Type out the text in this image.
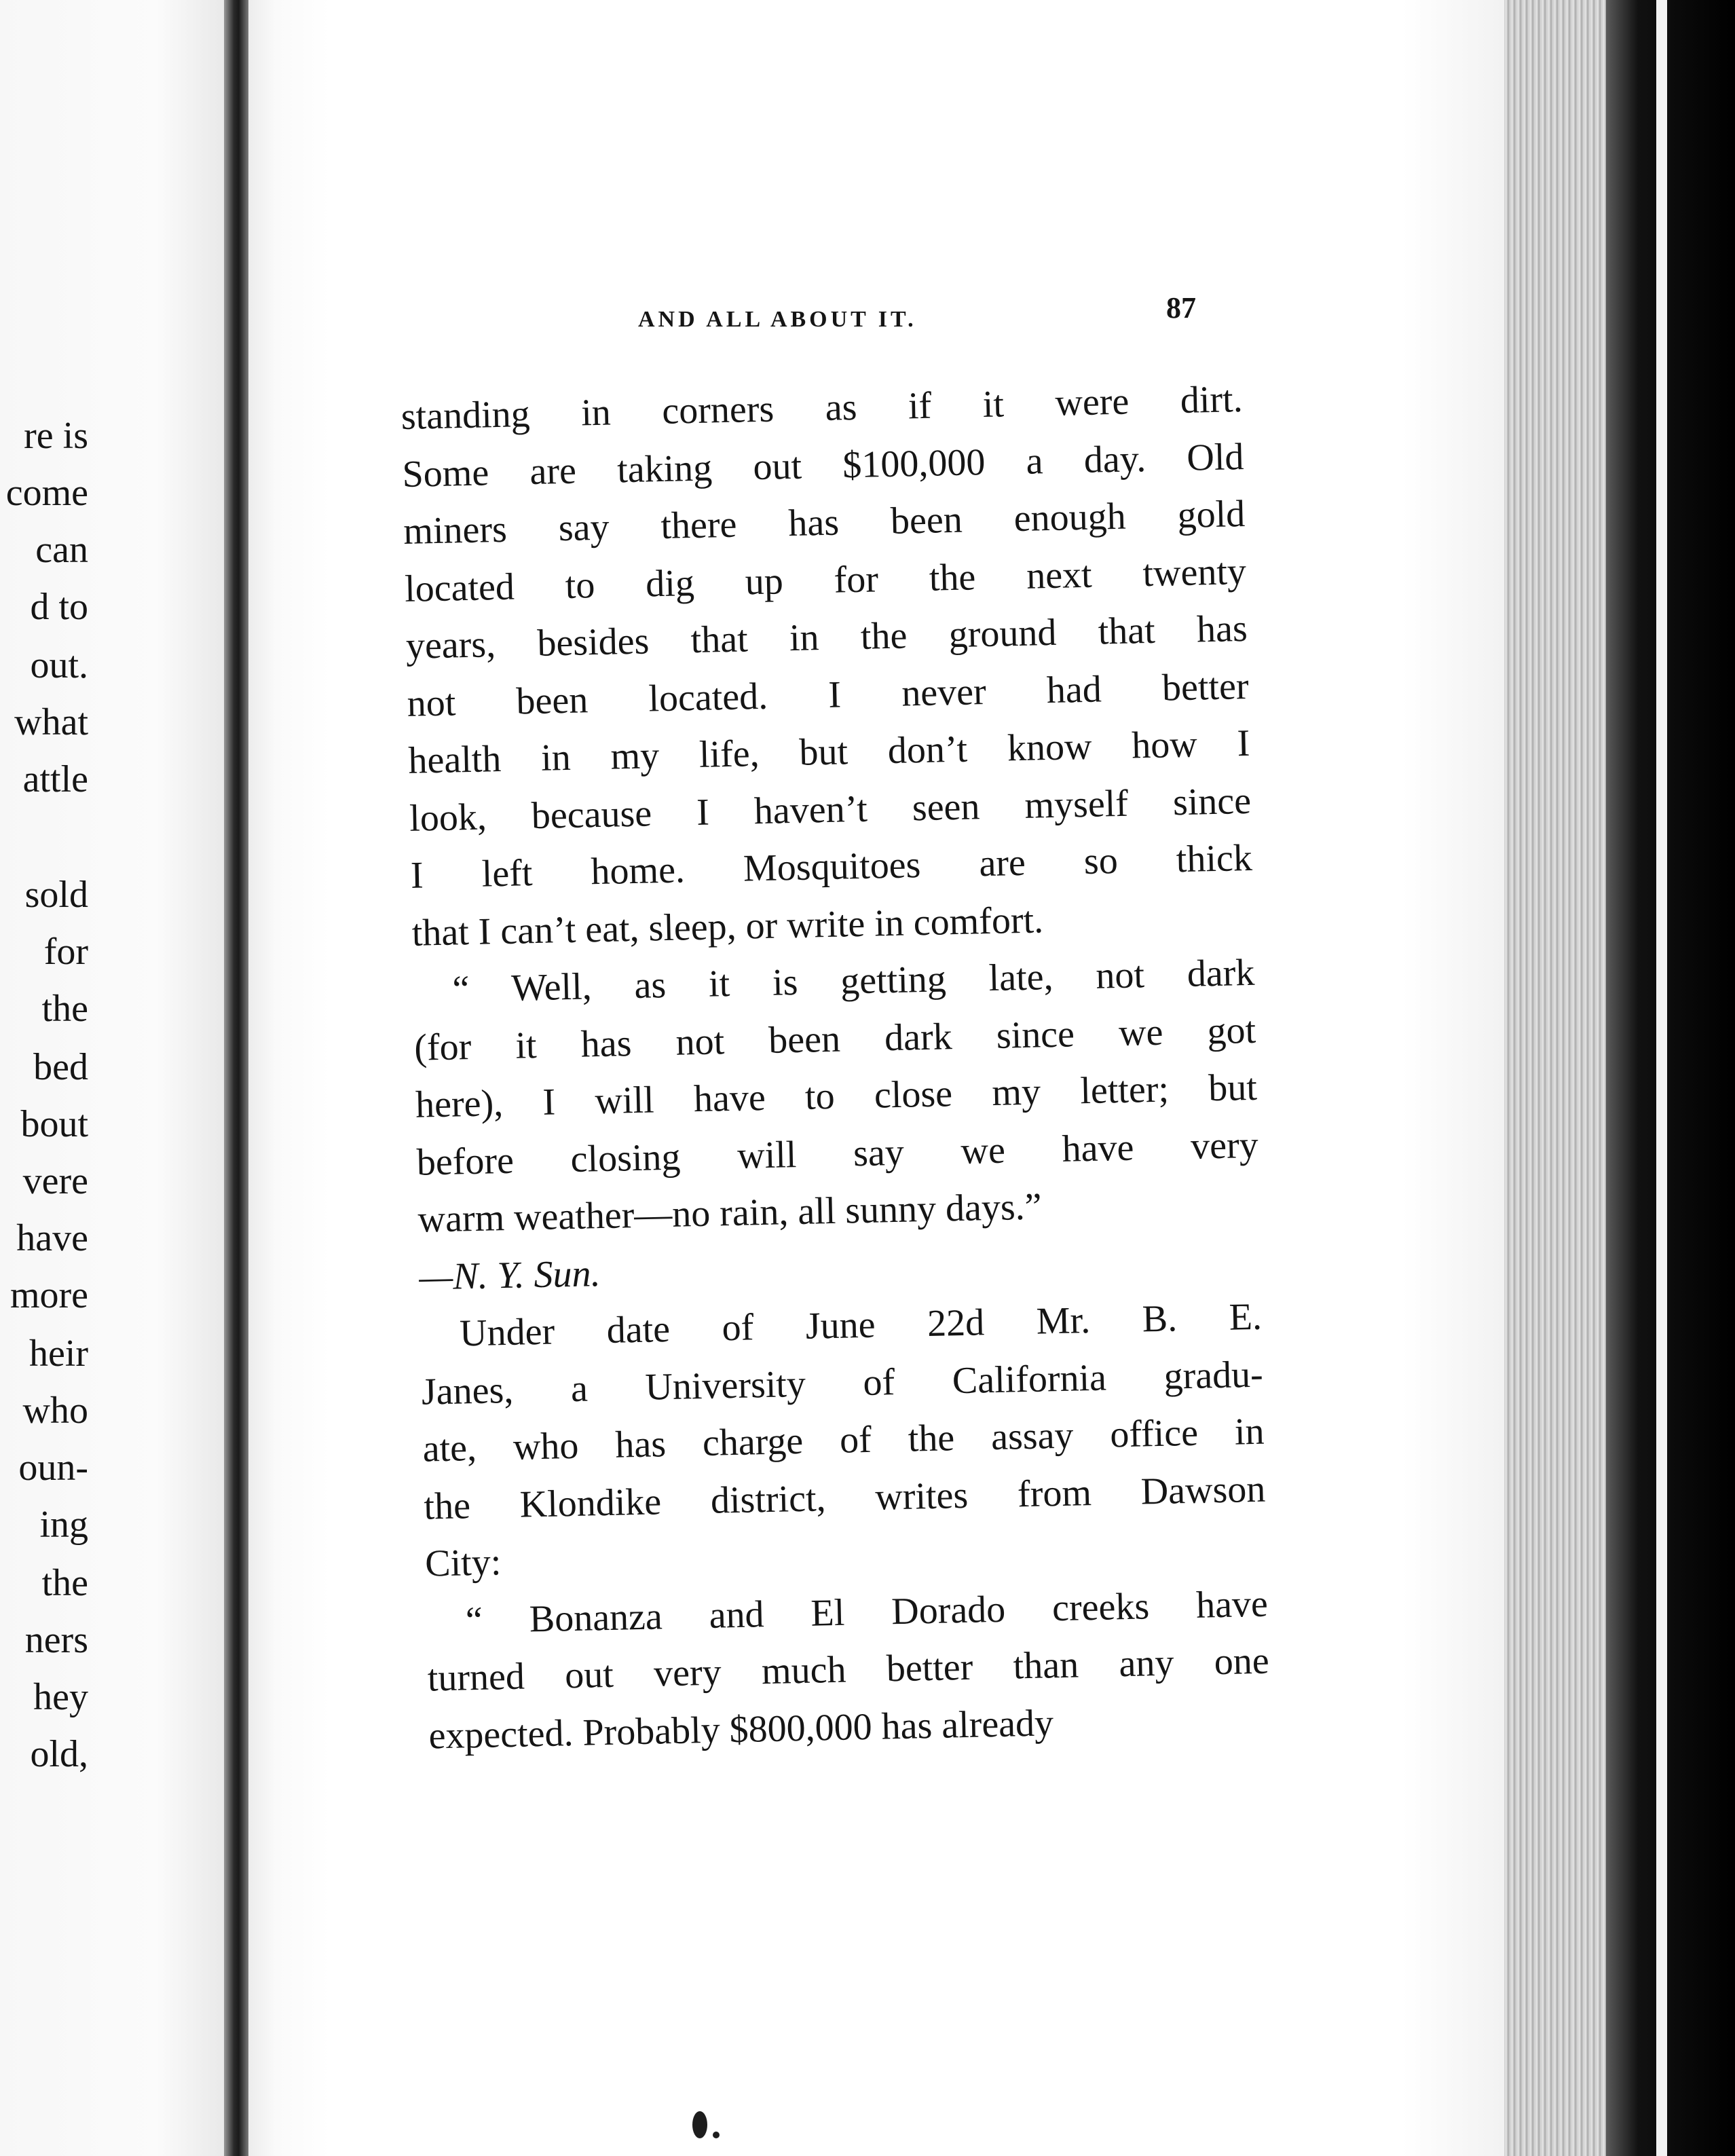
re is
come
can
d to
out.
what
attle
sold
for
the
bed
bout
vere
have
more
heir
who
oun-
ing
the
ners
hey
old,
AND ALL ABOUT IT.	87
standing in corners as if it were dirt.
Some are taking out $100,000 a day. Old
miners say there has been enough gold
located to dig up for the next twenty
years, besides that in the ground that has
not been located. I never had better
health in my life, but don’t know how I
look, because I haven’t seen myself since
I left home. Mosquitoes are so thick
that I can’t eat, sleep, or write in comfort.
“ Well, as it is getting late, not dark
(for it has not been dark since we got
here), I will have to close my letter; but
before closing will say we have very
warm weather—no rain, all sunny days.”
—N. Y. Sun.
Under date of June 22d Mr. B. E.
Janes, a University of California gradu-
ate, who has charge of the assay office in
the Klondike district, writes from Dawson
City:
“ Bonanza and El Dorado creeks have
turned out very much better than any one
expected. Probably $800,000 has already
